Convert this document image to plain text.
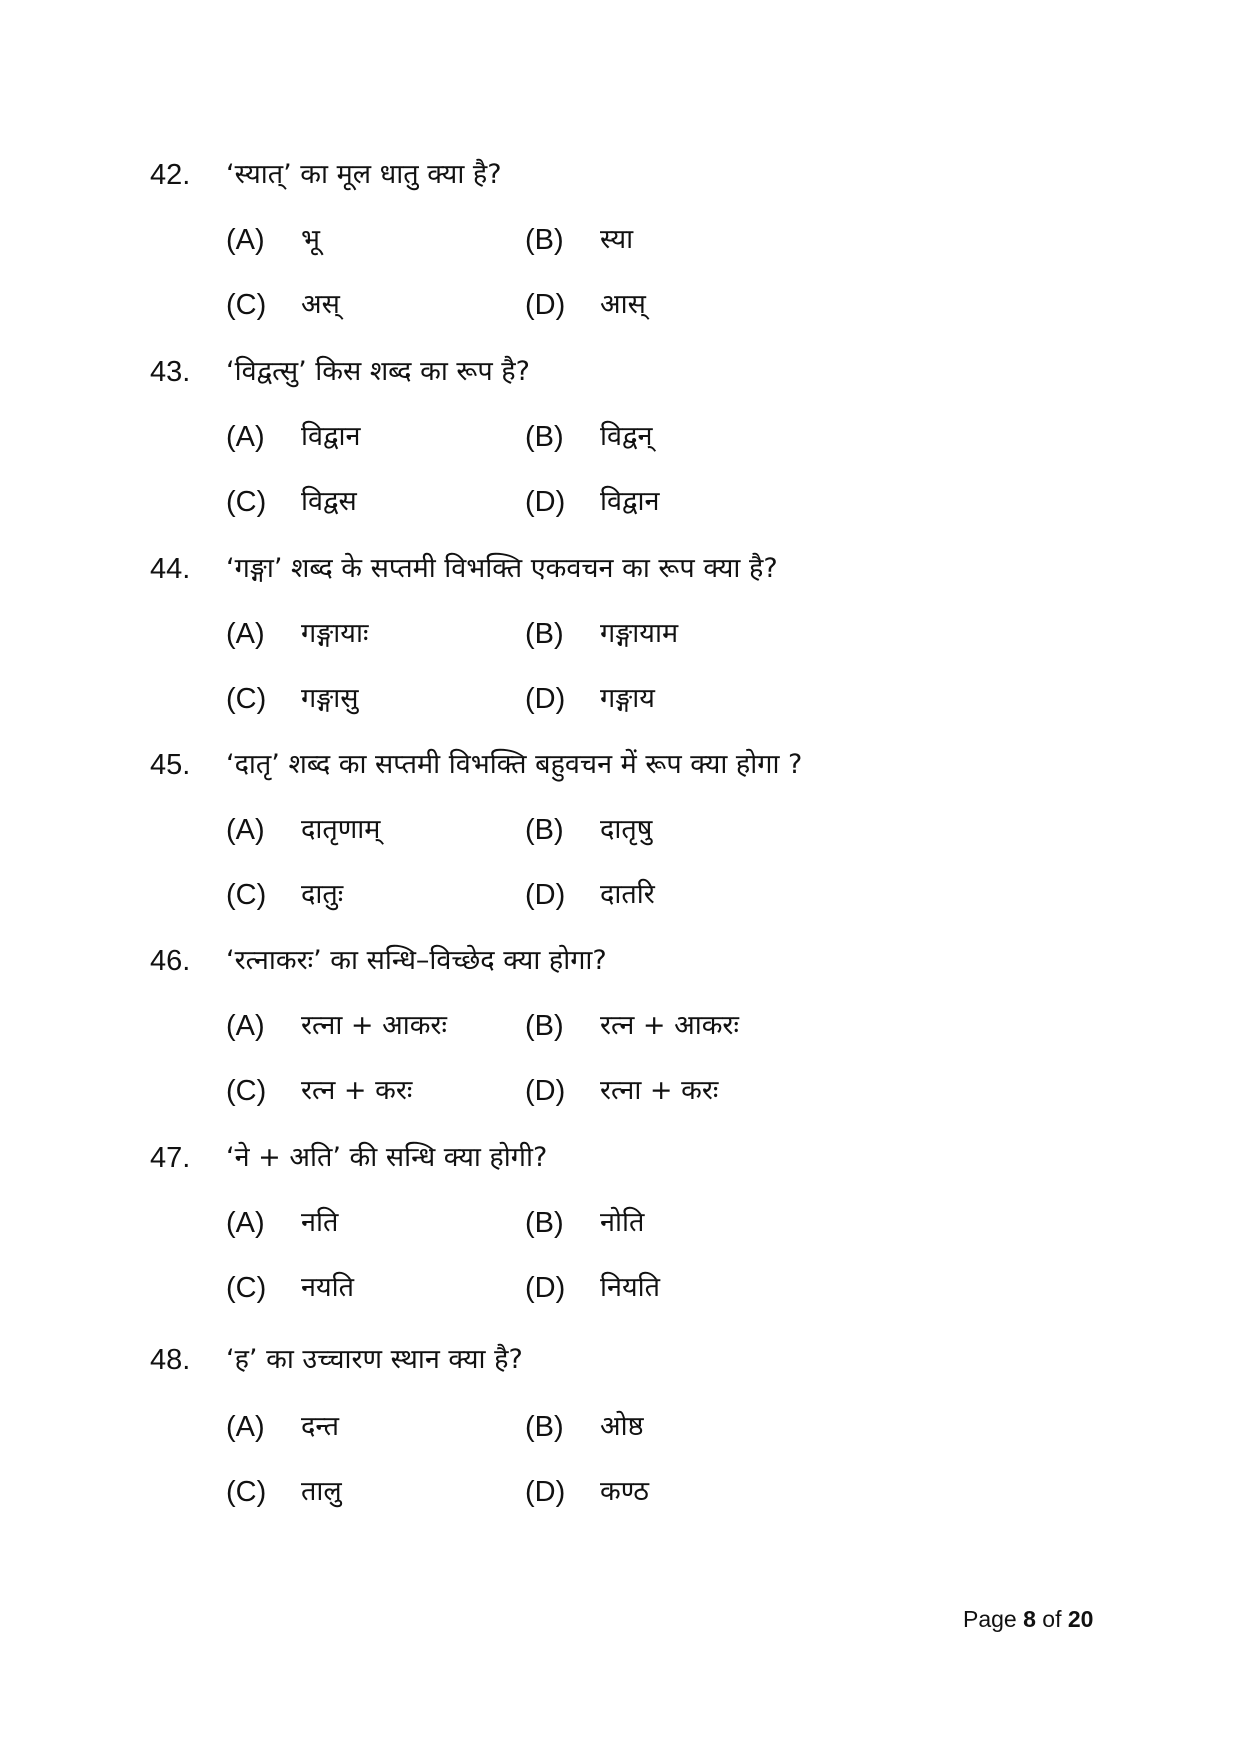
42. ‘स्यात्’ का मूल धातु क्या है?
(A) भू	(B) स्या
(C) अस्	(D) आस्
43. ‘विद्वत्सु’ किस शब्द का रूप है?
(A) विद्वान	(B) विद्वन्
(C) विद्वस	(D) विद्वान
44. ‘गङ्गा’ शब्द के सप्तमी विभक्ति एकवचन का रूप क्या है?
(A) गङ्गायाः	(B) गङ्गायाम
(C) गङ्गासु	(D) गङ्गाय
45. ‘दातृ’ शब्द का सप्तमी विभक्ति बहुवचन में रूप क्या होगा ?
(A) दातृणाम्	(B) दातृषु
(C) दातुः	(D) दातरि
46. ‘रत्नाकरः’ का सन्धि–विच्छेद क्या होगा?
(A) रत्ना + आकरः	(B) रत्न + आकरः
(C) रत्न + करः	(D) रत्ना + करः
47. ‘ने + अति’ की सन्धि क्या होगी?
(A) नति	(B) नोति
(C) नयति	(D) नियति
48. ‘ह’ का उच्चारण स्थान क्या है?
(A) दन्त	(B) ओष्ठ
(C) तालु	(D) कण्ठ
Page 8 of 20
